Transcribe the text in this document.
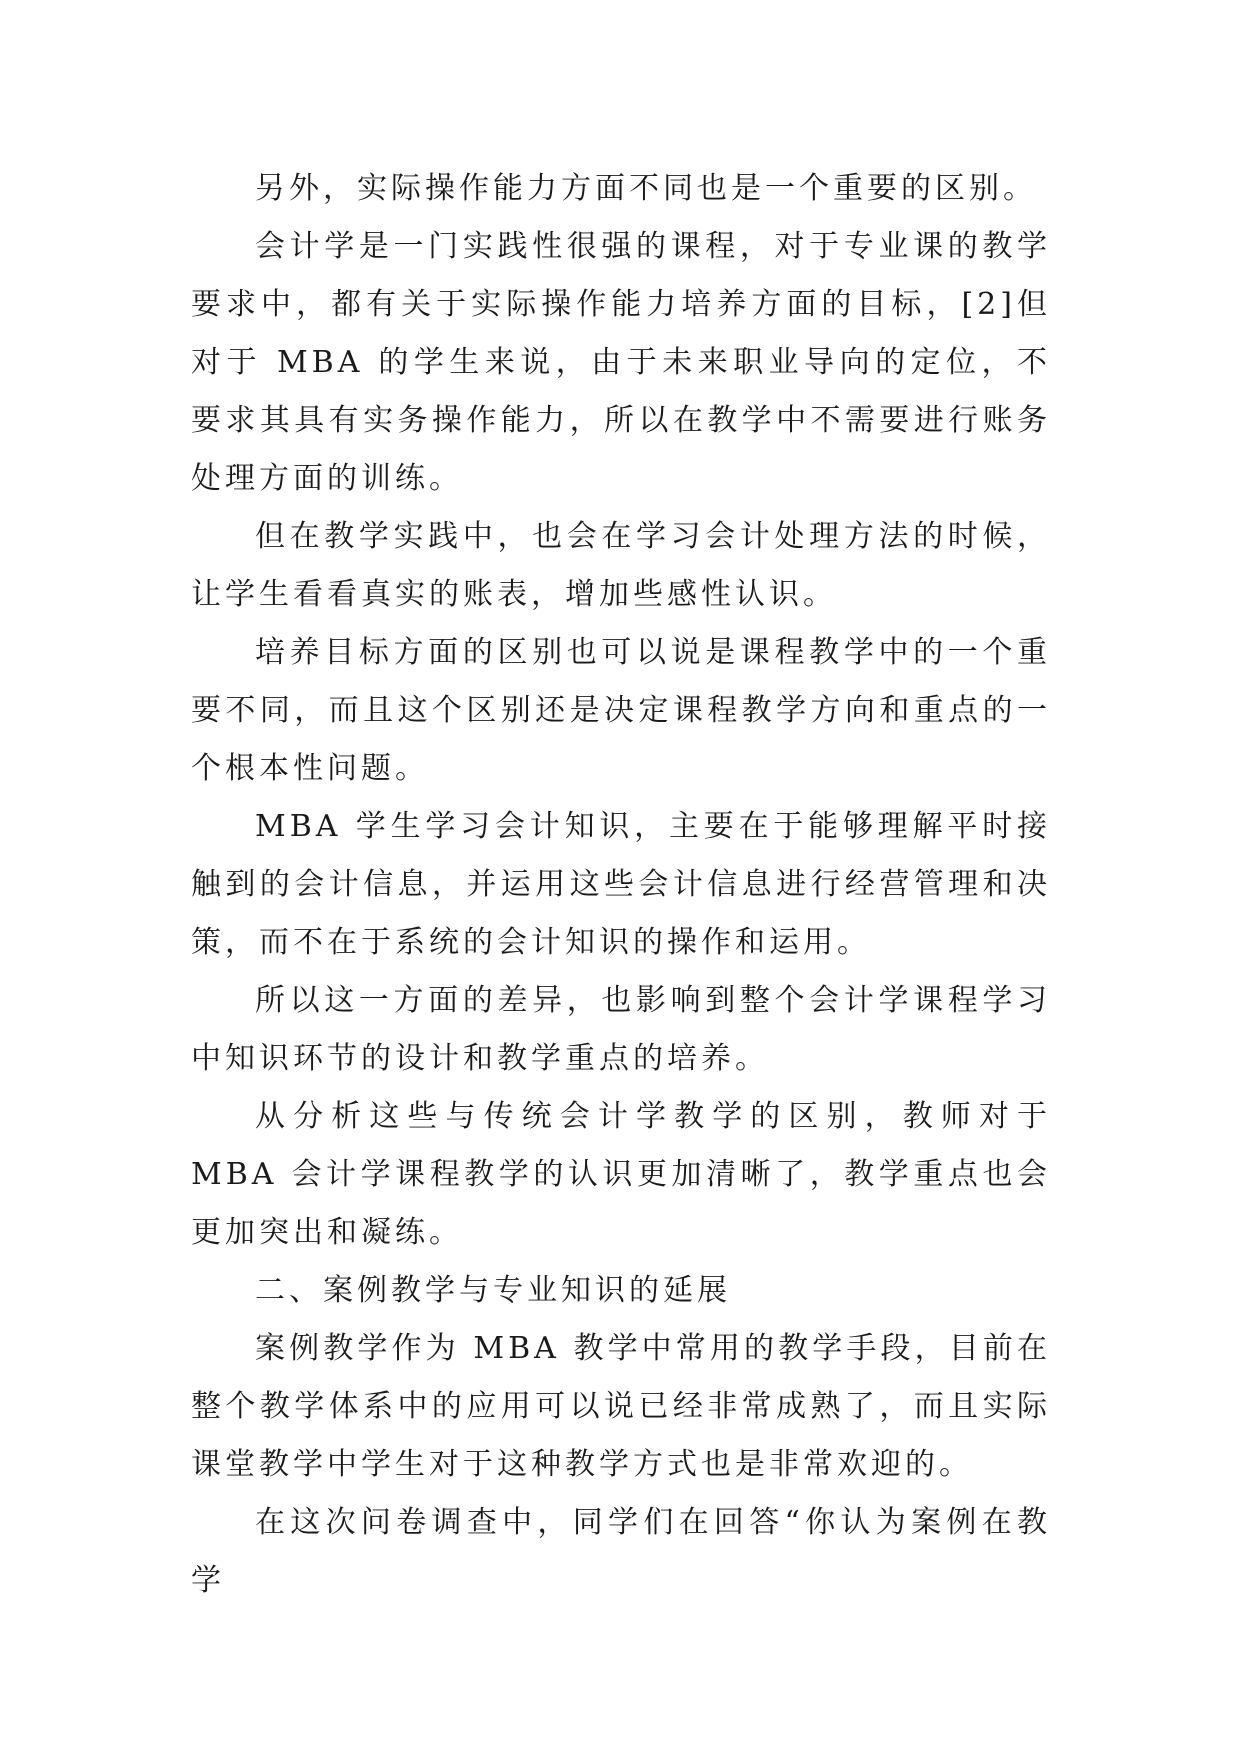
另外，实际操作能力方面不同也是一个重要的区别。

会计学是一门实践性很强的课程，对于专业课的教学要求中，都有关于实际操作能力培养方面的目标，[2]但对于 MBA 的学生来说，由于未来职业导向的定位，不要求其具有实务操作能力，所以在教学中不需要进行账务处理方面的训练。

但在教学实践中，也会在学习会计处理方法的时候，让学生看看真实的账表，增加些感性认识。

培养目标方面的区别也可以说是课程教学中的一个重要不同，而且这个区别还是决定课程教学方向和重点的一个根本性问题。

MBA 学生学习会计知识，主要在于能够理解平时接触到的会计信息，并运用这些会计信息进行经营管理和决策，而不在于系统的会计知识的操作和运用。

所以这一方面的差异，也影响到整个会计学课程学习中知识环节的设计和教学重点的培养。

从分析这些与传统会计学教学的区别，教师对于 MBA 会计学课程教学的认识更加清晰了，教学重点也会更加突出和凝练。

二、案例教学与专业知识的延展

案例教学作为 MBA 教学中常用的教学手段，目前在整个教学体系中的应用可以说已经非常成熟了，而且实际课堂教学中学生对于这种教学方式也是非常欢迎的。

在这次问卷调查中，同学们在回答“你认为案例在教学
